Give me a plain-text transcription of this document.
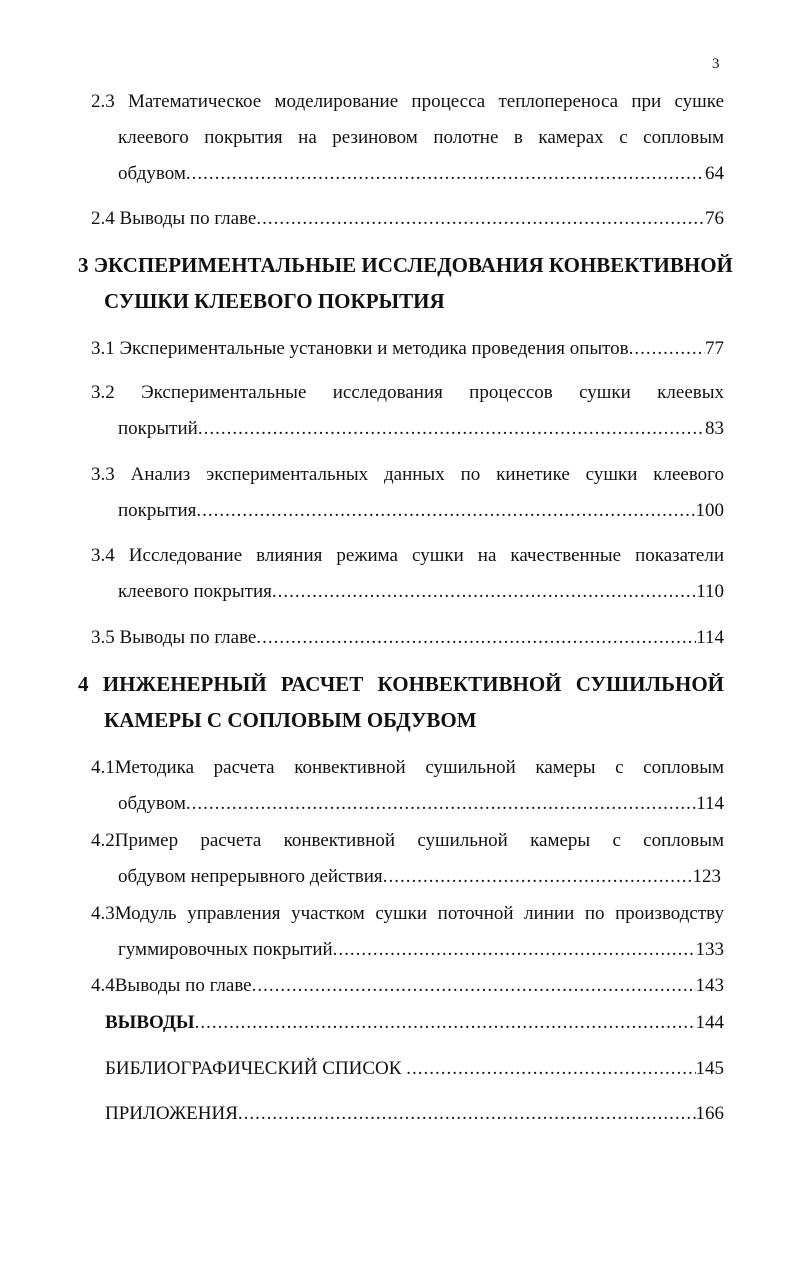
3
2.3 Математическое моделирование процесса теплопереноса при сушке
клеевого покрытия на резиновом полотне в камерах с сопловым
обдувом .....	64
2.4 Выводы по главе .....	76
3 ЭКСПЕРИМЕНТАЛЬНЫЕ ИССЛЕДОВАНИЯ КОНВЕКТИВНОЙ
СУШКИ КЛЕЕВОГО ПОКРЫТИЯ
3.1 Экспериментальные установки и методика проведения опытов .....	77
3.2 Экспериментальные исследования процессов сушки клеевых
покрытий .....	83
3.3 Анализ экспериментальных данных по кинетике сушки клеевого
покрытия .....	100
3.4 Исследование влияния режима сушки на качественные показатели
клеевого покрытия .....	110
3.5 Выводы по главе .....	114
4 ИНЖЕНЕРНЫЙ РАСЧЕТ КОНВЕКТИВНОЙ СУШИЛЬНОЙ
КАМЕРЫ С СОПЛОВЫМ ОБДУВОМ
4.1Методика расчета конвективной сушильной камеры с сопловым
обдувом .....	114
4.2Пример расчета конвективной сушильной камеры с сопловым
обдувом непрерывного действия .....	123
4.3Модуль управления участком сушки поточной линии по производству
гуммировочных покрытий .....	133
4.4Выводы по главе .....	143
ВЫВОДЫ .....	144
БИБЛИОГРАФИЧЕСКИЙ СПИСОК .....	145
ПРИЛОЖЕНИЯ .....	166
